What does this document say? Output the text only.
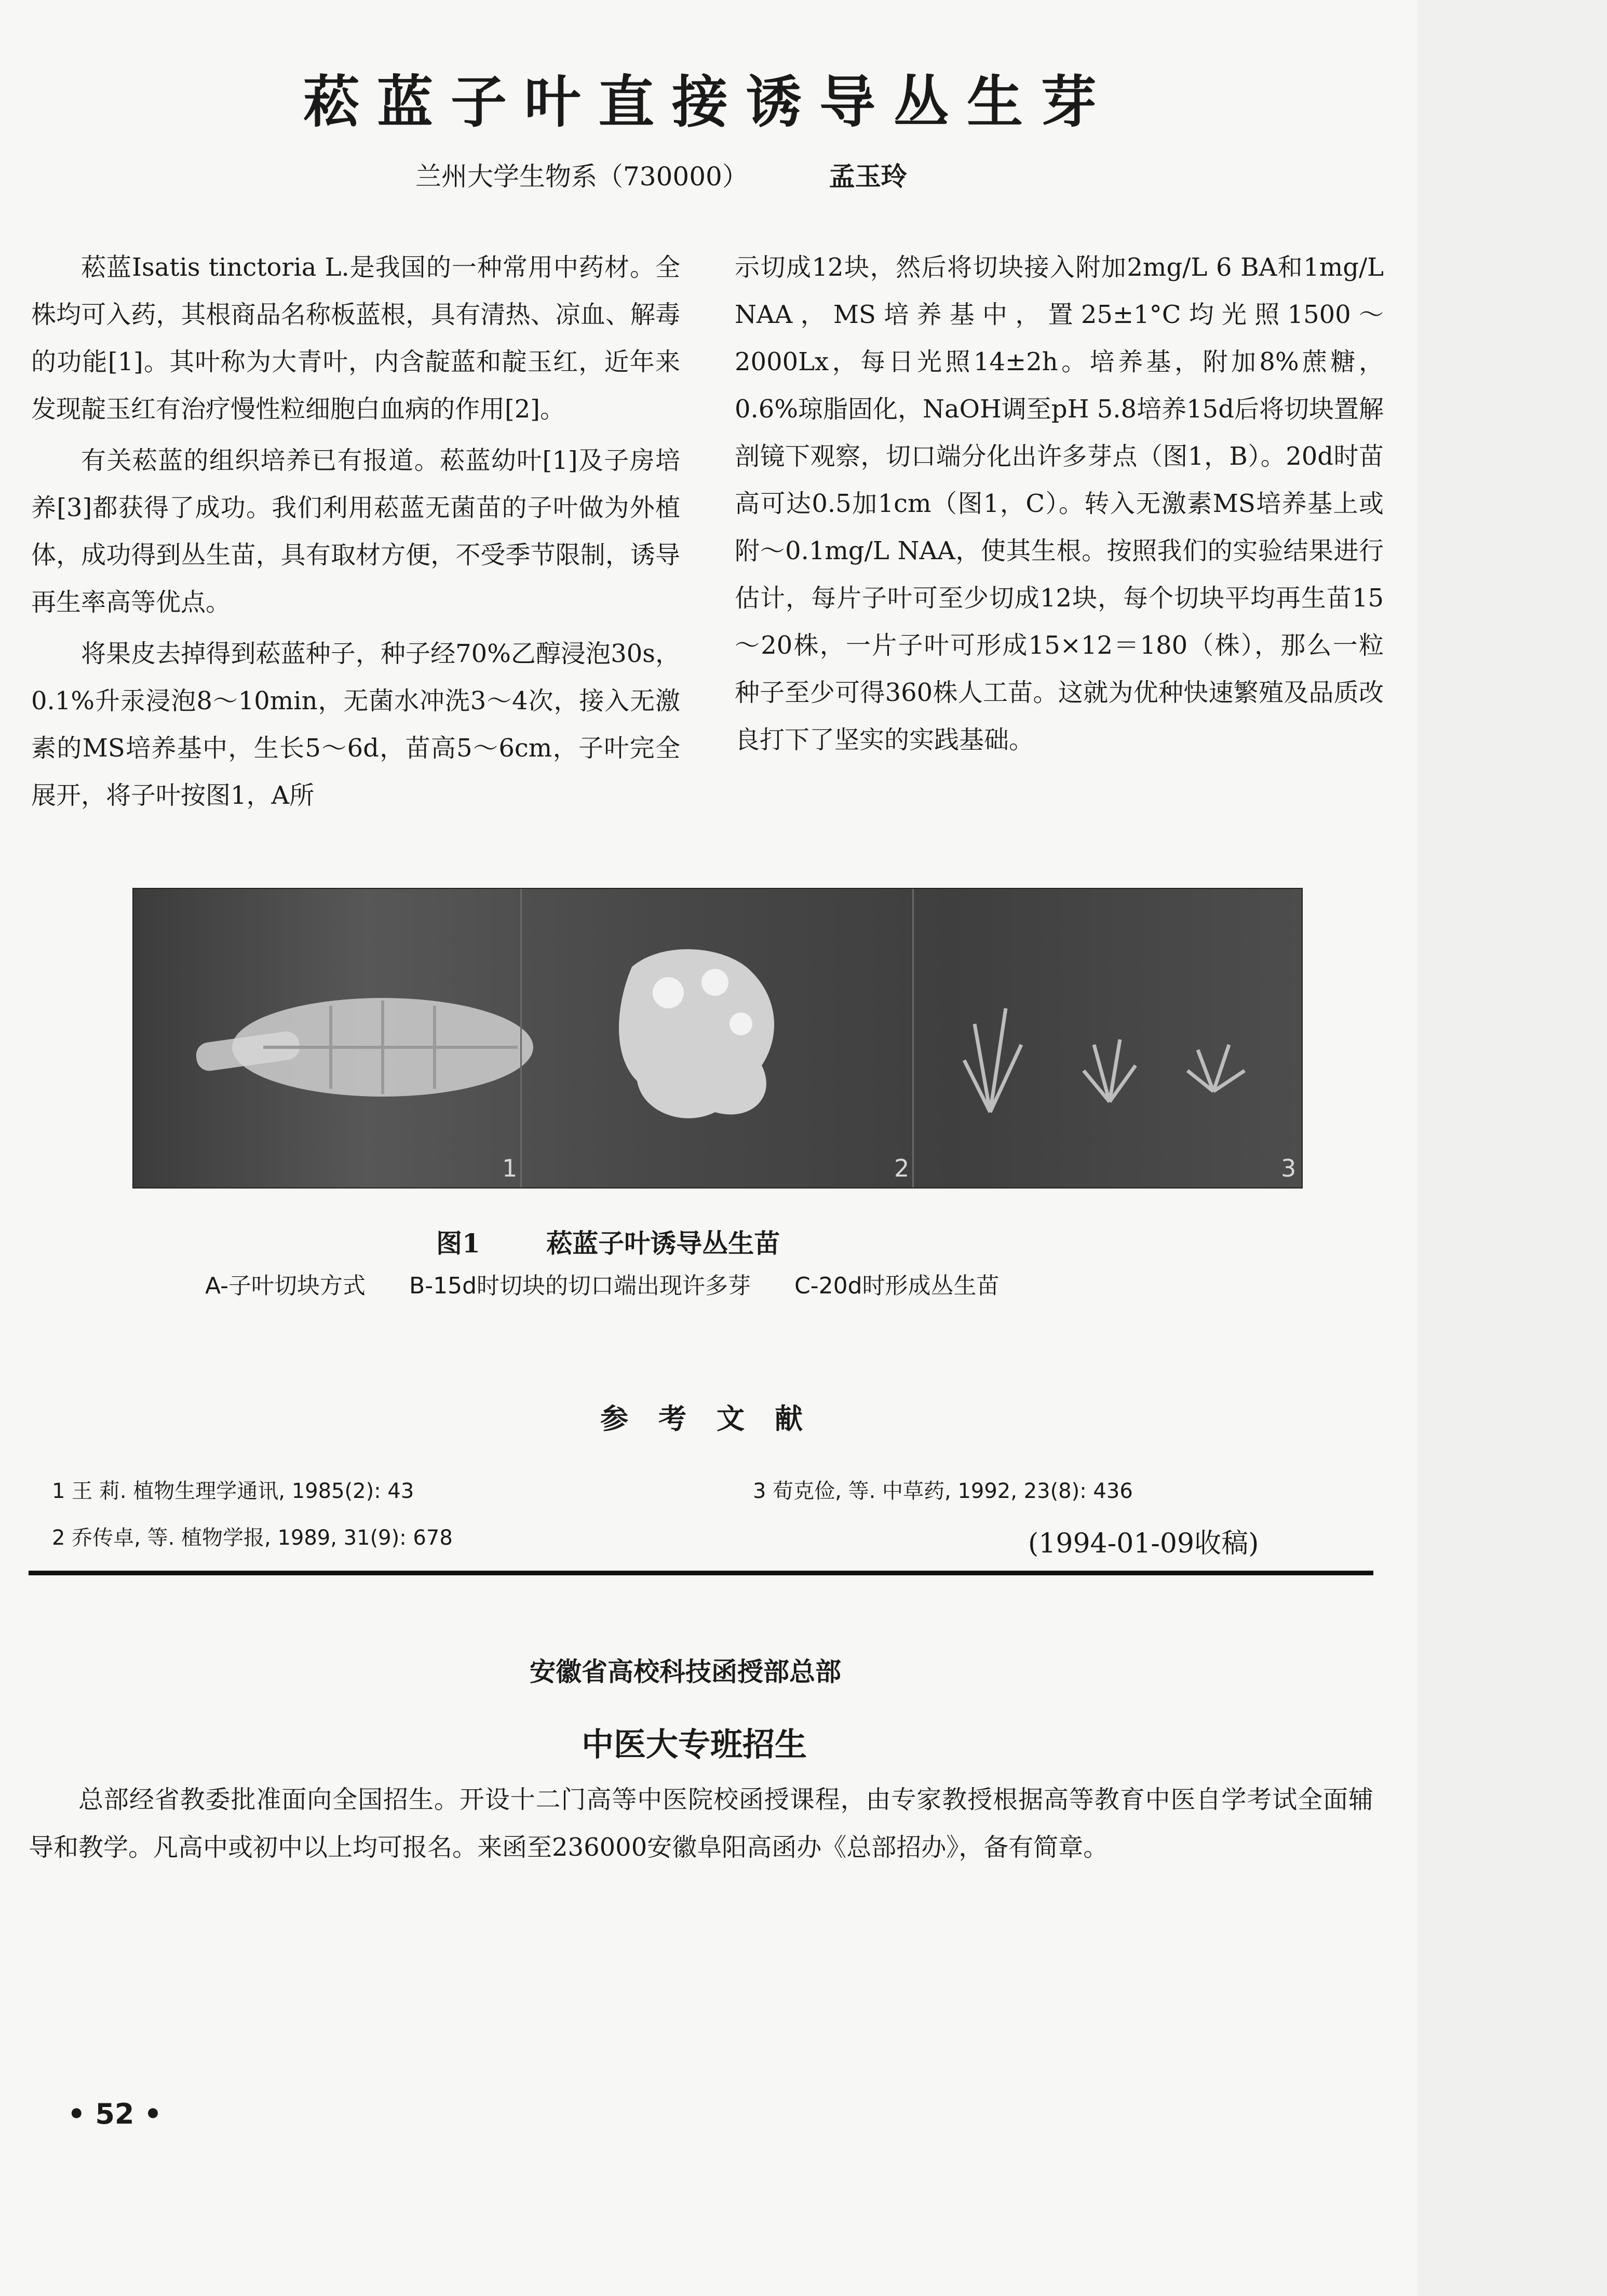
菘蓝子叶直接诱导丛生芽
兰州大学生物系（730000）	孟玉玲

菘蓝Isatis tinctoria L.是我国的一种常用中药材。全株均可入药，其根商品名称板蓝根，具有清热、凉血、解毒的功能[1]。其叶称为大青叶，内含靛蓝和靛玉红，近年来发现靛玉红有治疗慢性粒细胞白血病的作用[2]。

有关菘蓝的组织培养已有报道。菘蓝幼叶[1]及子房培养[3]都获得了成功。我们利用菘蓝无菌苗的子叶做为外植体，成功得到丛生苗，具有取材方便，不受季节限制，诱导再生率高等优点。

将果皮去掉得到菘蓝种子，种子经70%乙醇浸泡30s，0.1%升汞浸泡8～10min，无菌水冲洗3～4次，接入无激素的MS培养基中，生长5～6d，苗高5～6cm，子叶完全展开，将子叶按图1，A所

示切成12块，然后将切块接入附加2mg/L 6 BA和1mg/L NAA，MS培养基中，置25±1°C均光照1500～2000Lx，每日光照14±2h。培养基，附加8%蔗糖，0.6%琼脂固化，NaOH调至pH 5.8培养15d后将切块置解剖镜下观察，切口端分化出许多芽点（图1，B）。20d时苗高可达0.5加1cm（图1，C）。转入无激素MS培养基上或附～0.1mg/L NAA，使其生根。按照我们的实验结果进行估计，每片子叶可至少切成12块，每个切块平均再生苗15～20株，一片子叶可形成15×12＝180（株），那么一粒种子至少可得360株人工苗。这就为优种快速繁殖及品质改良打下了坚实的实践基础。

1	2	3
图1	菘蓝子叶诱导丛生苗
A-子叶切块方式 B-15d时切块的切口端出现许多芽 C-20d时形成丛生苗
参考文献
1 王 莉. 植物生理学通讯, 1985(2): 43
2 乔传卓, 等. 植物学报, 1989, 31(9): 678
3 荀克俭, 等. 中草药, 1992, 23(8): 436
(1994-01-09收稿)
安徽省高校科技函授部总部
中医大专班招生
总部经省教委批准面向全国招生。开设十二门高等中医院校函授课程，由专家教授根据高等教育中医自学考试全面辅导和教学。凡高中或初中以上均可报名。来函至236000安徽阜阳高函办《总部招办》，备有简章。
• 52 •
